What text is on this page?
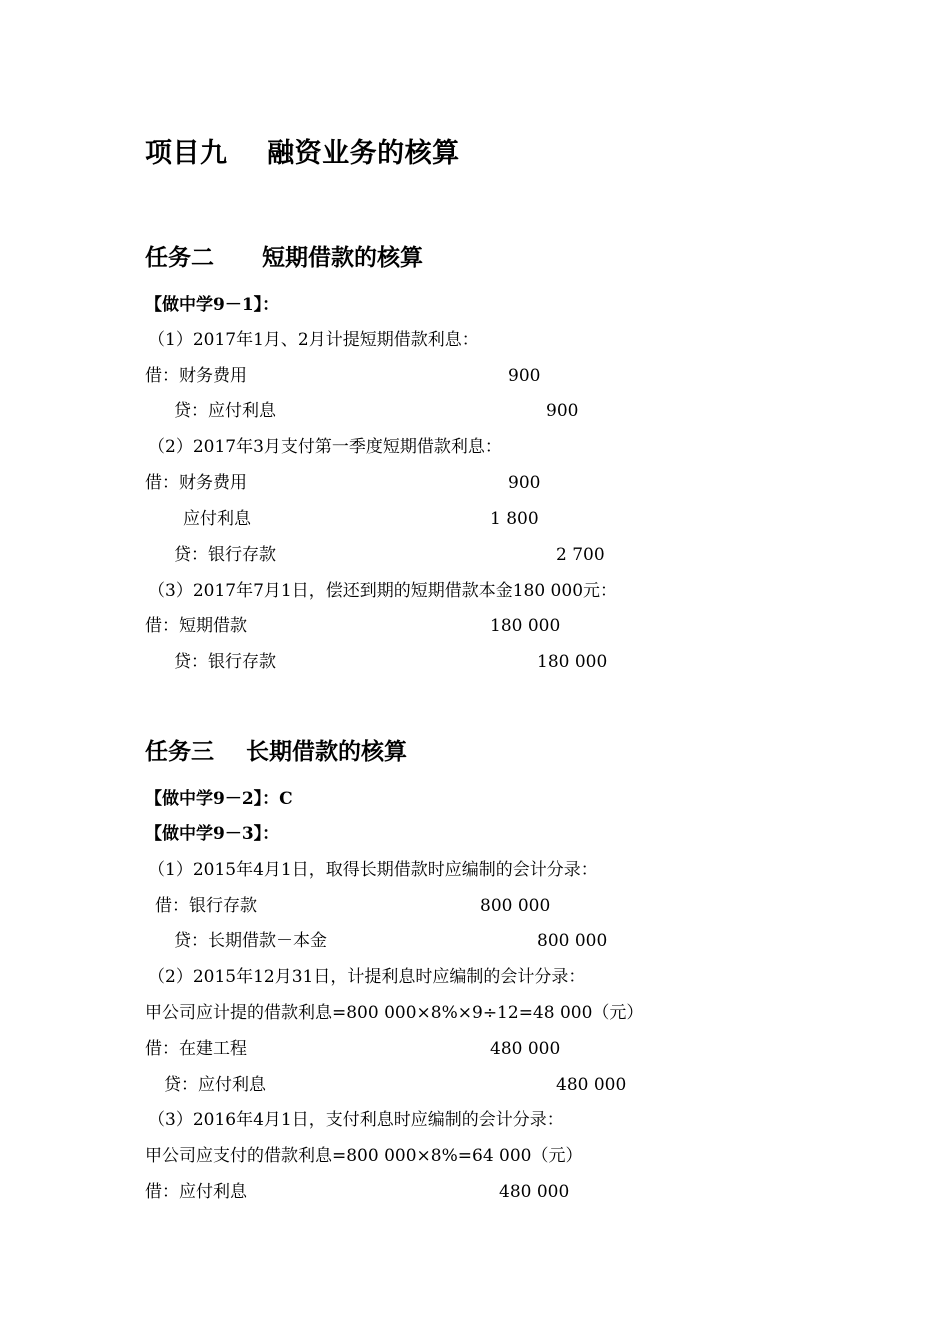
项目九    融资业务的核算
任务二      短期借款的核算
【做中学9－1】：
（1）2017年1月、2月计提短期借款利息：
借：财务费用	900
贷：应付利息	900
（2）2017年3月支付第一季度短期借款利息：
借：财务费用	900
应付利息	1 800
贷：银行存款	2 700
（3）2017年7月1日，偿还到期的短期借款本金180 000元：
借：短期借款	180 000
贷：银行存款	180 000
任务三    长期借款的核算
【做中学9－2】：C
【做中学9－3】：
（1）2015年4月1日，取得长期借款时应编制的会计分录：
借：银行存款	800 000
贷：长期借款－本金	800 000
（2）2015年12月31日，计提利息时应编制的会计分录：
甲公司应计提的借款利息=800 000×8%×9÷12=48 000（元）
借：在建工程	480 000
贷：应付利息	480 000
（3）2016年4月1日，支付利息时应编制的会计分录：
甲公司应支付的借款利息=800 000×8%=64 000（元）
借：应付利息	480 000
